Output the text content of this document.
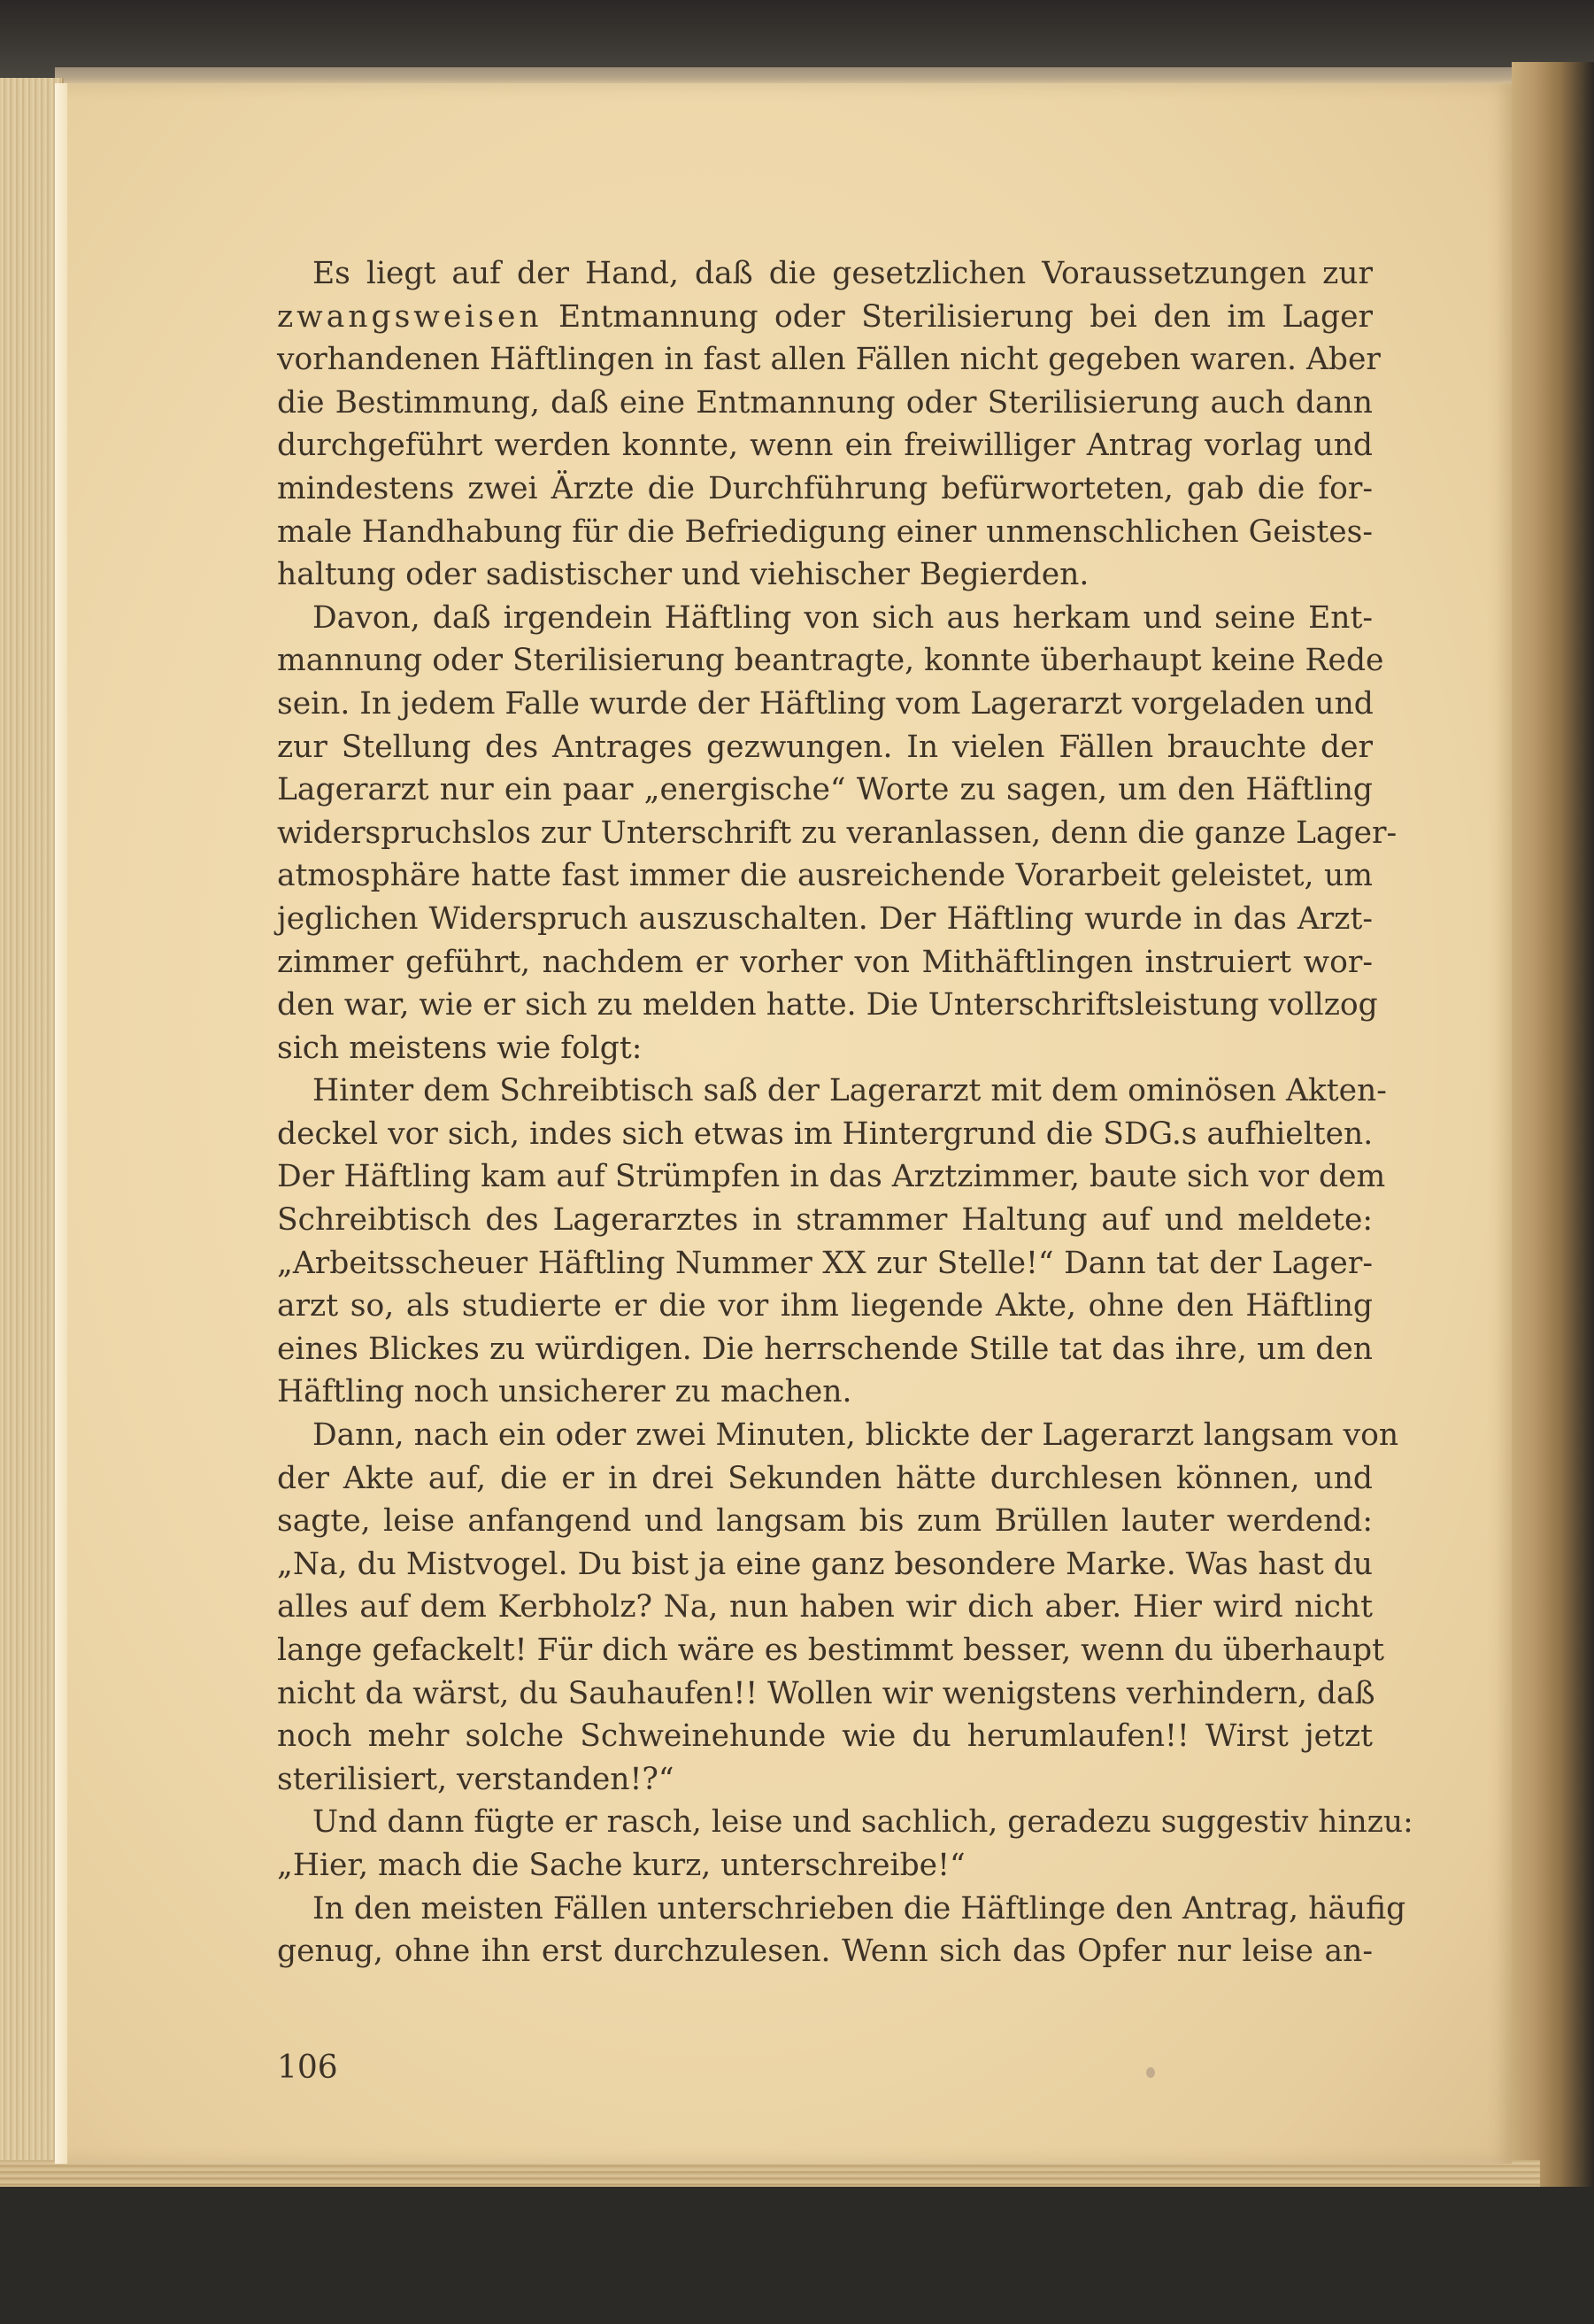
Es liegt auf der Hand, daß die gesetzlichen Voraussetzungen zur
zwangsweisen Entmannung oder Sterilisierung bei den im Lager
vorhandenen Häftlingen in fast allen Fällen nicht gegeben waren. Aber
die Bestimmung, daß eine Entmannung oder Sterilisierung auch dann
durchgeführt werden konnte, wenn ein freiwilliger Antrag vorlag und
mindestens zwei Ärzte die Durchführung befürworteten, gab die for-
male Handhabung für die Befriedigung einer unmenschlichen Geistes-
haltung oder sadistischer und viehischer Begierden.
Davon, daß irgendein Häftling von sich aus herkam und seine Ent-
mannung oder Sterilisierung beantragte, konnte überhaupt keine Rede
sein. In jedem Falle wurde der Häftling vom Lagerarzt vorgeladen und
zur Stellung des Antrages gezwungen. In vielen Fällen brauchte der
Lagerarzt nur ein paar „energische“ Worte zu sagen, um den Häftling
widerspruchslos zur Unterschrift zu veranlassen, denn die ganze Lager-
atmosphäre hatte fast immer die ausreichende Vorarbeit geleistet, um
jeglichen Widerspruch auszuschalten. Der Häftling wurde in das Arzt-
zimmer geführt, nachdem er vorher von Mithäftlingen instruiert wor-
den war, wie er sich zu melden hatte. Die Unterschriftsleistung vollzog
sich meistens wie folgt:
Hinter dem Schreibtisch saß der Lagerarzt mit dem ominösen Akten-
deckel vor sich, indes sich etwas im Hintergrund die SDG.s aufhielten.
Der Häftling kam auf Strümpfen in das Arztzimmer, baute sich vor dem
Schreibtisch des Lagerarztes in strammer Haltung auf und meldete:
„Arbeitsscheuer Häftling Nummer XX zur Stelle!“ Dann tat der Lager-
arzt so, als studierte er die vor ihm liegende Akte, ohne den Häftling
eines Blickes zu würdigen. Die herrschende Stille tat das ihre, um den
Häftling noch unsicherer zu machen.
Dann, nach ein oder zwei Minuten, blickte der Lagerarzt langsam von
der Akte auf, die er in drei Sekunden hätte durchlesen können, und
sagte, leise anfangend und langsam bis zum Brüllen lauter werdend:
„Na, du Mistvogel. Du bist ja eine ganz besondere Marke. Was hast du
alles auf dem Kerbholz? Na, nun haben wir dich aber. Hier wird nicht
lange gefackelt! Für dich wäre es bestimmt besser, wenn du überhaupt
nicht da wärst, du Sauhaufen!! Wollen wir wenigstens verhindern, daß
noch mehr solche Schweinehunde wie du herumlaufen!! Wirst jetzt
sterilisiert, verstanden!?“
Und dann fügte er rasch, leise und sachlich, geradezu suggestiv hinzu:
„Hier, mach die Sache kurz, unterschreibe!“
In den meisten Fällen unterschrieben die Häftlinge den Antrag, häufig
genug, ohne ihn erst durchzulesen. Wenn sich das Opfer nur leise an-
106
